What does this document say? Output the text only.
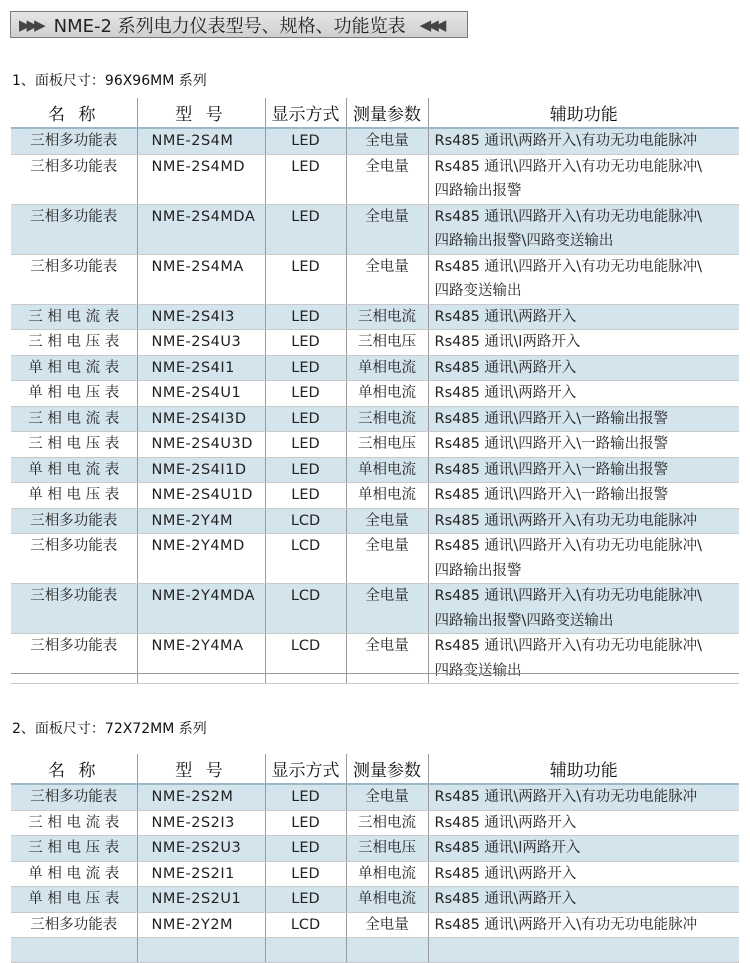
▶▶▶ NME-2 系列电力仪表型号、规格、功能览表 ◀◀◀
1、面板尺寸：96X96MM 系列
名 称	型 号	显示方式	测量参数	辅助功能

三相多功能表	NME-2S4M	LED	全电量	Rs485 通讯\两路开入\有功无功电能脉冲

三相多功能表	NME-2S4MD	LED	全电量	Rs485 通讯\四路开入\有功无功电能脉冲\
四路输出报警

三相多功能表	NME-2S4MDA	LED	全电量	Rs485 通讯\四路开入\有功无功电能脉冲\
四路输出报警\四路变送输出

三相多功能表	NME-2S4MA	LED	全电量	Rs485 通讯\四路开入\有功无功电能脉冲\
四路变送输出

三 相 电 流 表	NME-2S4I3	LED	三相电流	Rs485 通讯\两路开入

三 相 电 压 表	NME-2S4U3	LED	三相电压	Rs485 通讯\l两路开入

单 相 电 流 表	NME-2S4I1	LED	单相电流	Rs485 通讯\两路开入

单 相 电 压 表	NME-2S4U1	LED	单相电流	Rs485 通讯\两路开入

三 相 电 流 表	NME-2S4I3D	LED	三相电流	Rs485 通讯\四路开入\一路输出报警

三 相 电 压 表	NME-2S4U3D	LED	三相电压	Rs485 通讯\四路开入\一路输出报警

单 相 电 流 表	NME-2S4I1D	LED	单相电流	Rs485 通讯\四路开入\一路输出报警

单 相 电 压 表	NME-2S4U1D	LED	单相电流	Rs485 通讯\四路开入\一路输出报警

三相多功能表	NME-2Y4M	LCD	全电量	Rs485 通讯\两路开入\有功无功电能脉冲

三相多功能表	NME-2Y4MD	LCD	全电量	Rs485 通讯\四路开入\有功无功电能脉冲\
四路输出报警

三相多功能表	NME-2Y4MDA	LCD	全电量	Rs485 通讯\四路开入\有功无功电能脉冲\
四路输出报警\四路变送输出

三相多功能表	NME-2Y4MA	LCD	全电量	Rs485 通讯\四路开入\有功无功电能脉冲\
四路变送输出
2、面板尺寸：72X72MM 系列
名 称	型 号	显示方式	测量参数	辅助功能

三相多功能表	NME-2S2M	LED	全电量	Rs485 通讯\两路开入\有功无功电能脉冲

三 相 电 流 表	NME-2S2I3	LED	三相电流	Rs485 通讯\两路开入

三 相 电 压 表	NME-2S2U3	LED	三相电压	Rs485 通讯\l两路开入

单 相 电 流 表	NME-2S2I1	LED	单相电流	Rs485 通讯\两路开入

单 相 电 压 表	NME-2S2U1	LED	单相电流	Rs485 通讯\两路开入

三相多功能表	NME-2Y2M	LCD	全电量	Rs485 通讯\两路开入\有功无功电能脉冲
